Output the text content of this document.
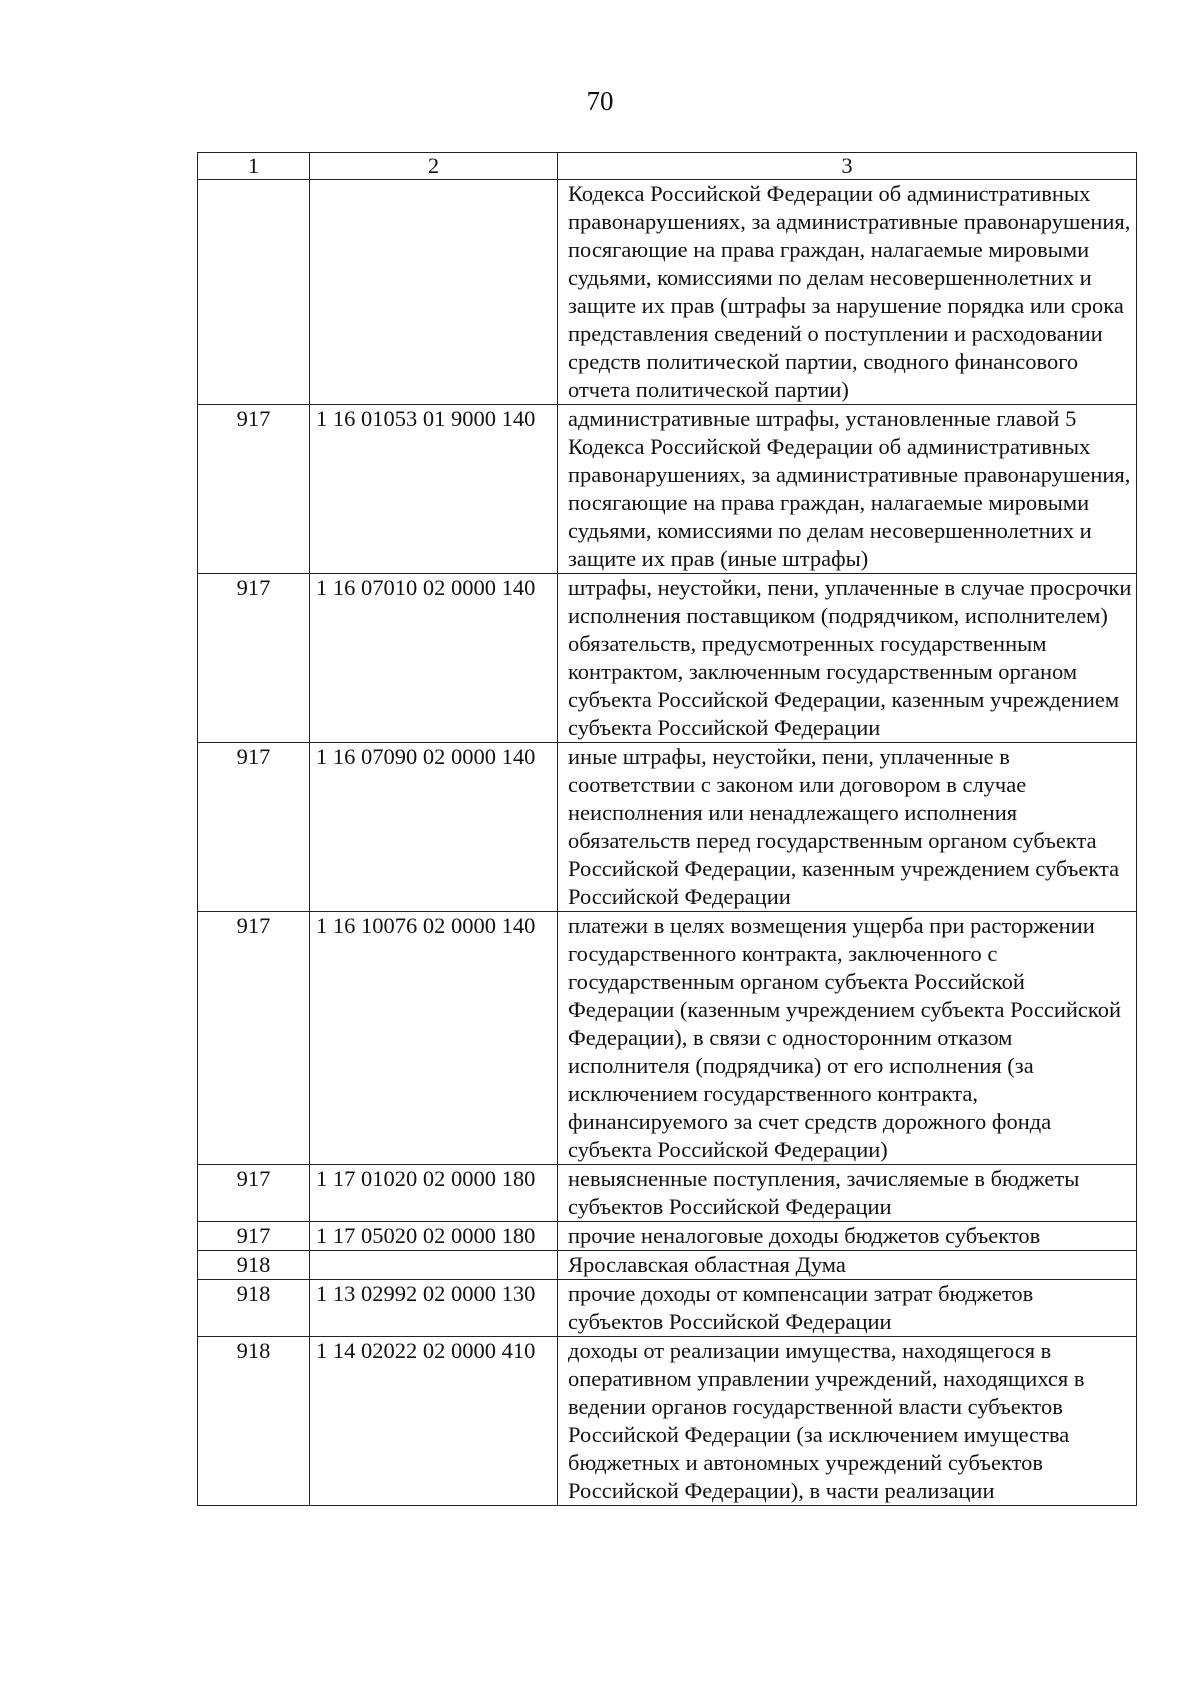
70
1	2	3
		Кодекса Российской Федерации об административных правонарушениях, за административные правонарушения, посягающие на права граждан, налагаемые мировыми судьями, комиссиями по делам несовершеннолетних и защите их прав (штрафы за нарушение порядка или срока представления сведений о поступлении и расходовании средств политической партии, сводного финансового отчета политической партии)
917	1 16 01053 01 9000 140	административные штрафы, установленные главой 5 Кодекса Российской Федерации об административных правонарушениях, за административные правонарушения, посягающие на права граждан, налагаемые мировыми судьями, комиссиями по делам несовершеннолетних и защите их прав (иные штрафы)
917	1 16 07010 02 0000 140	штрафы, неустойки, пени, уплаченные в случае просрочки исполнения поставщиком (подрядчиком, исполнителем) обязательств, предусмотренных государственным контрактом, заключенным государственным органом субъекта Российской Федерации, казенным учреждением субъекта Российской Федерации
917	1 16 07090 02 0000 140	иные штрафы, неустойки, пени, уплаченные в соответствии с законом или договором в случае неисполнения или ненадлежащего исполнения обязательств перед государственным органом субъекта Российской Федерации, казенным учреждением субъекта Российской Федерации
917	1 16 10076 02 0000 140	платежи в целях возмещения ущерба при расторжении государственного контракта, заключенного с государственным органом субъекта Российской Федерации (казенным учреждением субъекта Российской Федерации), в связи с односторонним отказом исполнителя (подрядчика) от его исполнения (за исключением государственного контракта, финансируемого за счет средств дорожного фонда субъекта Российской Федерации)
917	1 17 01020 02 0000 180	невыясненные поступления, зачисляемые в бюджеты субъектов Российской Федерации
917	1 17 05020 02 0000 180	прочие неналоговые доходы бюджетов субъектов
918		Ярославская областная Дума
918	1 13 02992 02 0000 130	прочие доходы от компенсации затрат бюджетов субъектов Российской Федерации
918	1 14 02022 02 0000 410	доходы от реализации имущества, находящегося в оперативном управлении учреждений, находящихся в ведении органов государственной власти субъектов Российской Федерации (за исключением имущества бюджетных и автономных учреждений субъектов Российской Федерации), в части реализации
